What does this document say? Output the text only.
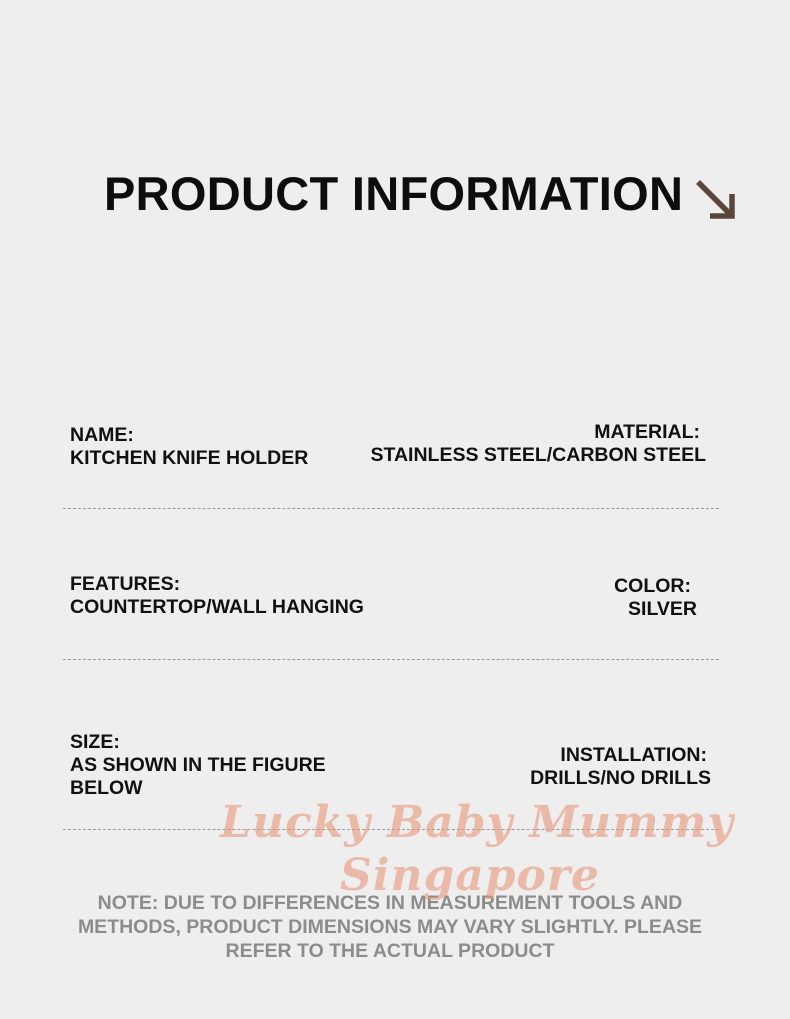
PRODUCT INFORMATION
NAME:
KITCHEN KNIFE HOLDER
MATERIAL:
STAINLESS STEEL/CARBON STEEL
FEATURES:
COUNTERTOP/WALL HANGING
COLOR:
SILVER
SIZE:
AS SHOWN IN THE FIGURE
BELOW
INSTALLATION:
DRILLS/NO DRILLS
NOTE: DUE TO DIFFERENCES IN MEASUREMENT TOOLS AND
METHODS, PRODUCT DIMENSIONS MAY VARY SLIGHTLY. PLEASE
REFER TO THE ACTUAL PRODUCT
Lucky Baby Mummy
Singapore
